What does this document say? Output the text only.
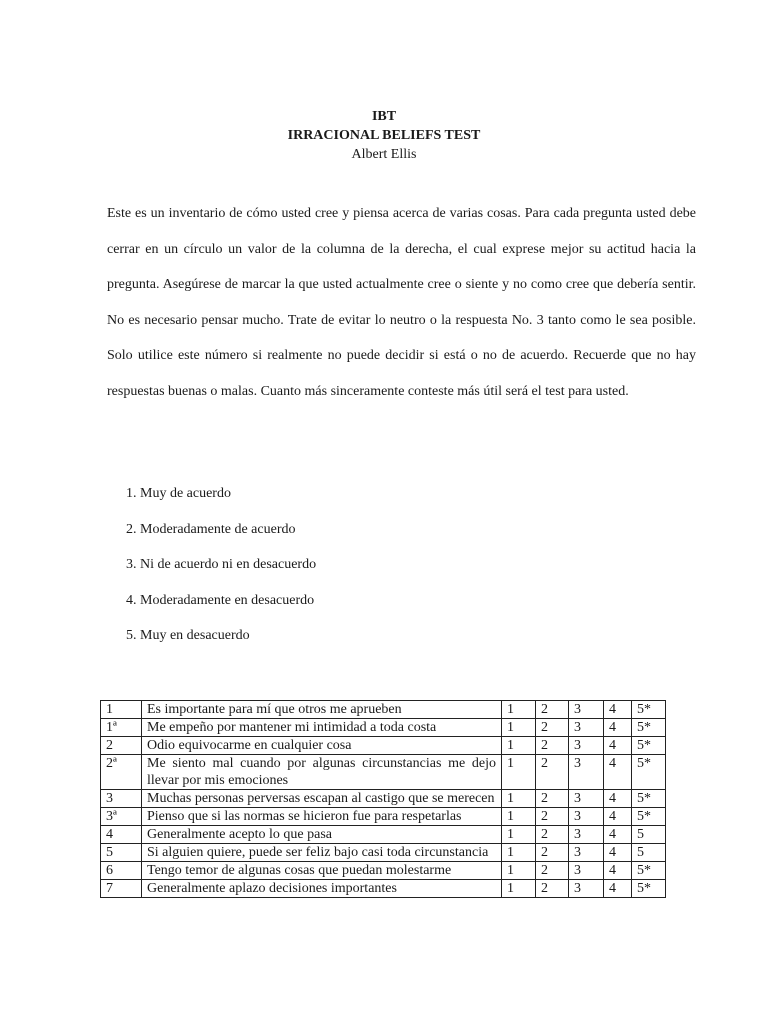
IBT
IRRACIONAL BELIEFS TEST
Albert Ellis

Este es un inventario de cómo usted cree y piensa acerca de varias cosas. Para cada pregunta usted debe cerrar en un círculo un valor de la columna de la derecha, el cual exprese mejor su actitud hacia la pregunta. Asegúrese de marcar la que usted actualmente cree o siente y no como cree que debería sentir. No es necesario pensar mucho. Trate de evitar lo neutro o la respuesta No. 3 tanto como le sea posible. Solo utilice este número si realmente no puede decidir si está o no de acuerdo. Recuerde que no hay respuestas buenas o malas. Cuanto más sinceramente conteste más útil será el test para usted.

1. Muy de acuerdo
2. Moderadamente de acuerdo
3. Ni de acuerdo ni en desacuerdo
4. Moderadamente en desacuerdo
5. Muy en desacuerdo
1	Es importante para mí que otros me aprueben	1	2	3	4	5*
1ª	Me empeño por mantener mi intimidad a toda costa	1	2	3	4	5*
2	Odio equivocarme en cualquier cosa	1	2	3	4	5*
2ª	Me siento mal cuando por algunas circunstancias me dejo llevar por mis emociones	1	2	3	4	5*
3	Muchas personas perversas escapan al castigo que se merecen	1	2	3	4	5*
3ª	Pienso que si las normas se hicieron fue para respetarlas	1	2	3	4	5*
4	Generalmente acepto lo que pasa	1	2	3	4	5
5	Si alguien quiere, puede ser feliz bajo casi toda circunstancia	1	2	3	4	5
6	Tengo temor de algunas cosas que puedan molestarme	1	2	3	4	5*
7	Generalmente aplazo decisiones importantes	1	2	3	4	5*
